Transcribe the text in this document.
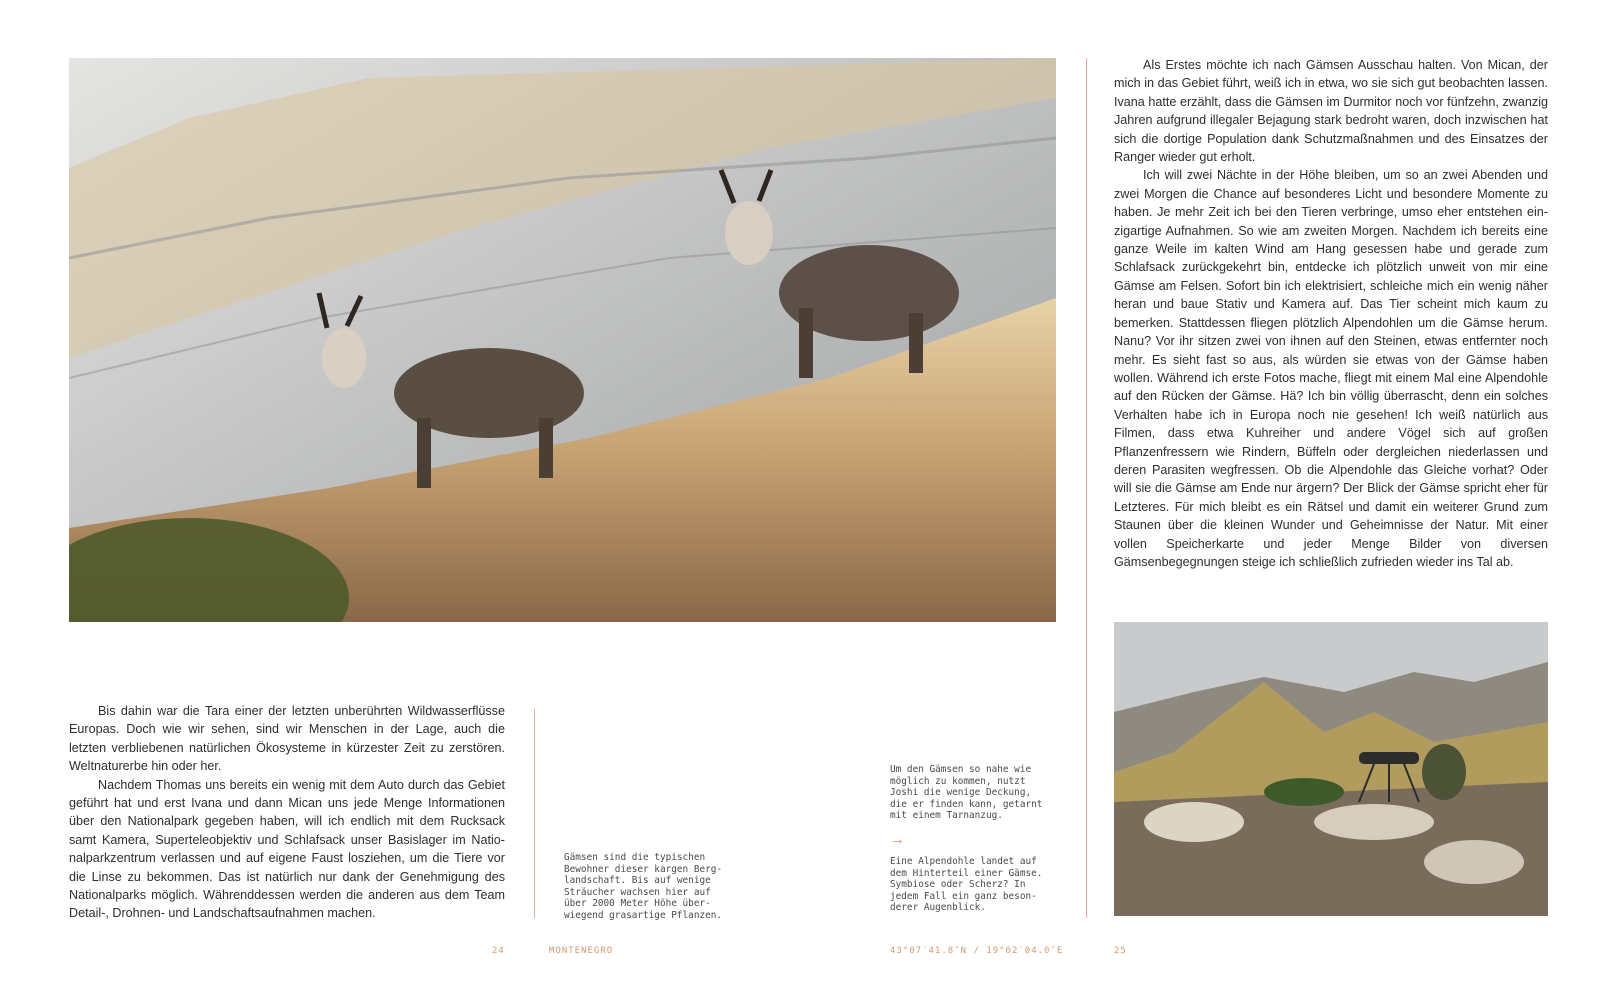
Bis dahin war die Tara einer der letzten unberührten Wildwasserflüsse Europas. Doch wie wir sehen, sind wir Menschen in der Lage, auch die letzten verbliebenen natürlichen Ökosysteme in kürzester Zeit zu zerstören. Weltnaturerbe hin oder her.

Nachdem Thomas uns bereits ein wenig mit dem Auto durch das Gebiet geführt hat und erst Ivana und dann Mican uns jede Menge Informationen über den Nationalpark gegeben haben, will ich endlich mit dem Rucksack samt Kamera, Superteleobjektiv und Schlafsack unser Basislager im Nationalparkzentrum verlassen und auf eigene Faust losziehen, um die Tiere vor die Linse zu bekommen. Das ist natürlich nur dank der Genehmigung des Nationalparks möglich. Währenddessen werden die anderen aus dem Team Detail-, Drohnen- und Landschaftsaufnahmen machen.

Gämsen sind die typischen
Bewohner dieser kargen Berg-
landschaft. Bis auf wenige
Sträucher wachsen hier auf
über 2000 Meter Höhe über-
wiegend grasartige Pflanzen.
Um den Gämsen so nahe wie
möglich zu kommen, nutzt
Joshi die wenige Deckung,
die er finden kann, getarnt
mit einem Tarnanzug.
→
Eine Alpendohle landet auf
dem Hinterteil einer Gämse.
Symbiose oder Scherz? In
jedem Fall ein ganz beson-
derer Augenblick.

Als Erstes möchte ich nach Gämsen Ausschau halten. Von Mican, der mich in das Gebiet führt, weiß ich in etwa, wo sie sich gut beobachten lassen. Ivana hatte erzählt, dass die Gämsen im Durmitor noch vor fünfzehn, zwanzig Jahren aufgrund illegaler Bejagung stark bedroht waren, doch inzwischen hat sich die dortige Population dank Schutzmaßnahmen und des Einsatzes der Ranger wieder gut erholt.

Ich will zwei Nächte in der Höhe bleiben, um so an zwei Abenden und zwei Morgen die Chance auf besonderes Licht und besondere Momente zu haben. Je mehr Zeit ich bei den Tieren verbringe, umso eher entstehen einzigartige Aufnahmen. So wie am zweiten Morgen. Nachdem ich bereits eine ganze Weile im kalten Wind am Hang gesessen habe und gerade zum Schlafsack zurückgekehrt bin, entdecke ich plötzlich unweit von mir eine Gämse am Felsen. Sofort bin ich elektrisiert, schleiche mich ein wenig näher heran und baue Stativ und Kamera auf. Das Tier scheint mich kaum zu bemerken. Stattdessen fliegen plötzlich Alpendohlen um die Gämse herum. Nanu? Vor ihr sitzen zwei von ihnen auf den Steinen, etwas entfernter noch mehr. Es sieht fast so aus, als würden sie etwas von der Gämse haben wollen. Während ich erste Fotos mache, fliegt mit einem Mal eine Alpendohle auf den Rücken der Gämse. Hä? Ich bin völlig überrascht, denn ein solches Verhalten habe ich in Europa noch nie gesehen! Ich weiß natürlich aus Filmen, dass etwa Kuhreiher und andere Vögel sich auf großen Pflanzenfressern wie Rindern, Büffeln oder dergleichen niederlassen und deren Parasiten wegfressen. Ob die Alpendohle das Gleiche vorhat? Oder will sie die Gämse am Ende nur ärgern? Der Blick der Gämse spricht eher für Letzteres. Für mich bleibt es ein Rätsel und damit ein weiterer Grund zum Staunen über die kleinen Wunder und Geheimnisse der Natur. Mit einer vollen Speicherkarte und jeder Menge Bilder von diversen Gämsenbegegnungen steige ich schließlich zufrieden wieder ins Tal ab.

24	MONTENEGRO	43°07′41.8″N / 19°02′04.0″E	25
